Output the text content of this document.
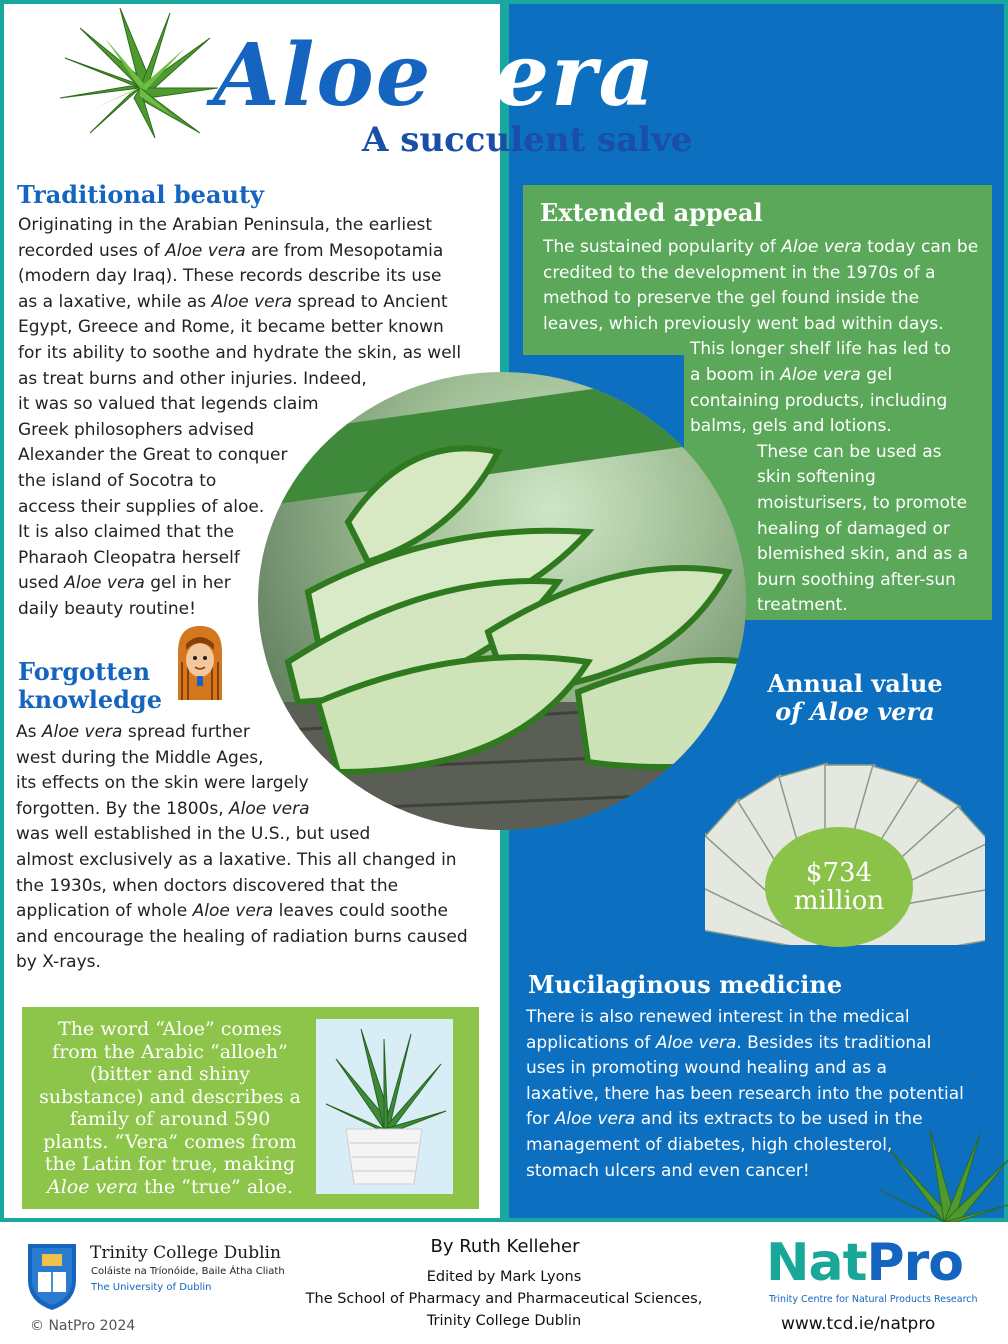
Aloe vera
A succulent salve
Traditional beauty
Originating in the Arabian Peninsula, the earliest
recorded uses of Aloe vera are from Mesopotamia
(modern day Iraq). These records describe its use
as a laxative, while as Aloe vera spread to Ancient
Egypt, Greece and Rome, it became better known
for its ability to soothe and hydrate the skin, as well
as treat burns and other injuries. Indeed,
it was so valued that legends claim
Greek philosophers advised
Alexander the Great to conquer
the island of Socotra to
access their supplies of aloe.
It is also claimed that the
Pharaoh Cleopatra herself
used Aloe vera gel in her
daily beauty routine!
Forgotten knowledge
As Aloe vera spread further
west during the Middle Ages,
its effects on the skin were largely
forgotten. By the 1800s, Aloe vera
was well established in the U.S., but used
almost exclusively as a laxative. This all changed in
the 1930s, when doctors discovered that the
application of whole Aloe vera leaves could soothe
and encourage the healing of radiation burns caused
by X-rays.
Extended appeal
The sustained popularity of Aloe vera today can be
credited to the development in the 1970s of a
method to preserve the gel found inside the
leaves, which previously went bad within days.
This longer shelf life has led to
a boom in Aloe vera gel
containing products, including
balms, gels and lotions.
These can be used as
skin softening
moisturisers, to promote
healing of damaged or
blemished skin, and as a
burn soothing after-sun
treatment.
Annual value
of Aloe vera
$734
million
Mucilaginous medicine
There is also renewed interest in the medical
applications of Aloe vera. Besides its traditional
uses in promoting wound healing and as a
laxative, there has been research into the potential
for Aloe vera and its extracts to be used in the
management of diabetes, high cholesterol,
stomach ulcers and even cancer!
The word “Aloe” comes
from the Arabic “alloeh”
(bitter and shiny
substance) and describes a
family of around 590
plants. “Vera” comes from
the Latin for true, making
Aloe vera the “true” aloe.
Trinity College Dublin
Coláiste na Tríonóide, Baile Átha Cliath
The University of Dublin
© NatPro 2024
By Ruth Kelleher
Edited by Mark Lyons
The School of Pharmacy and Pharmaceutical Sciences,
Trinity College Dublin
NatPro
Trinity Centre for Natural Products Research
www.tcd.ie/natpro
